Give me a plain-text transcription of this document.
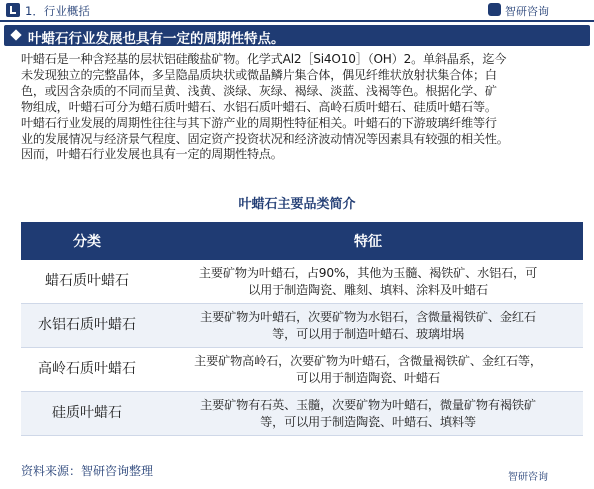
1．行业概括	智研咨询
叶蜡石行业发展也具有一定的周期性特点。

叶蜡石是一种含羟基的层状铝硅酸盐矿物。化学式Al2［Si4O10］（OH）2。单斜晶系，迄今

未发现独立的完整晶体，多呈隐晶质块状或微晶鳞片集合体，偶见纤维状放射状集合体；白

色，或因含杂质的不同而呈黄、浅黄、淡绿、灰绿、褐绿、淡蓝、浅褐等色。根据化学、矿

物组成，叶蜡石可分为蜡石质叶蜡石、水铝石质叶蜡石、高岭石质叶蜡石、硅质叶蜡石等。

叶蜡石行业发展的周期性往往与其下游产业的周期性特征相关。叶蜡石的下游玻璃纤维等行

业的发展情况与经济景气程度、固定资产投资状况和经济波动情况等因素具有较强的相关性。

因而，叶蜡石行业发展也具有一定的周期性特点。

叶蜡石主要品类简介
分类	特征
蜡石质叶蜡石	主要矿物为叶蜡石，占90%，其他为玉髓、褐铁矿、水铝石，可
以用于制造陶瓷、雕刻、填料、涂料及叶蜡石

水铝石质叶蜡石	主要矿物为叶蜡石，次要矿物为水铝石，含微量褐铁矿、金红石
等，可以用于制造叶蜡石、玻璃坩埚

高岭石质叶蜡石	主要矿物高岭石，次要矿物为叶蜡石，含微量褐铁矿、金红石等，
可以用于制造陶瓷、叶蜡石

硅质叶蜡石	主要矿物有石英、玉髓，次要矿物为叶蜡石，微量矿物有褐铁矿
等，可以用于制造陶瓷、叶蜡石、填料等
资料来源：智研咨询整理	智研咨询
